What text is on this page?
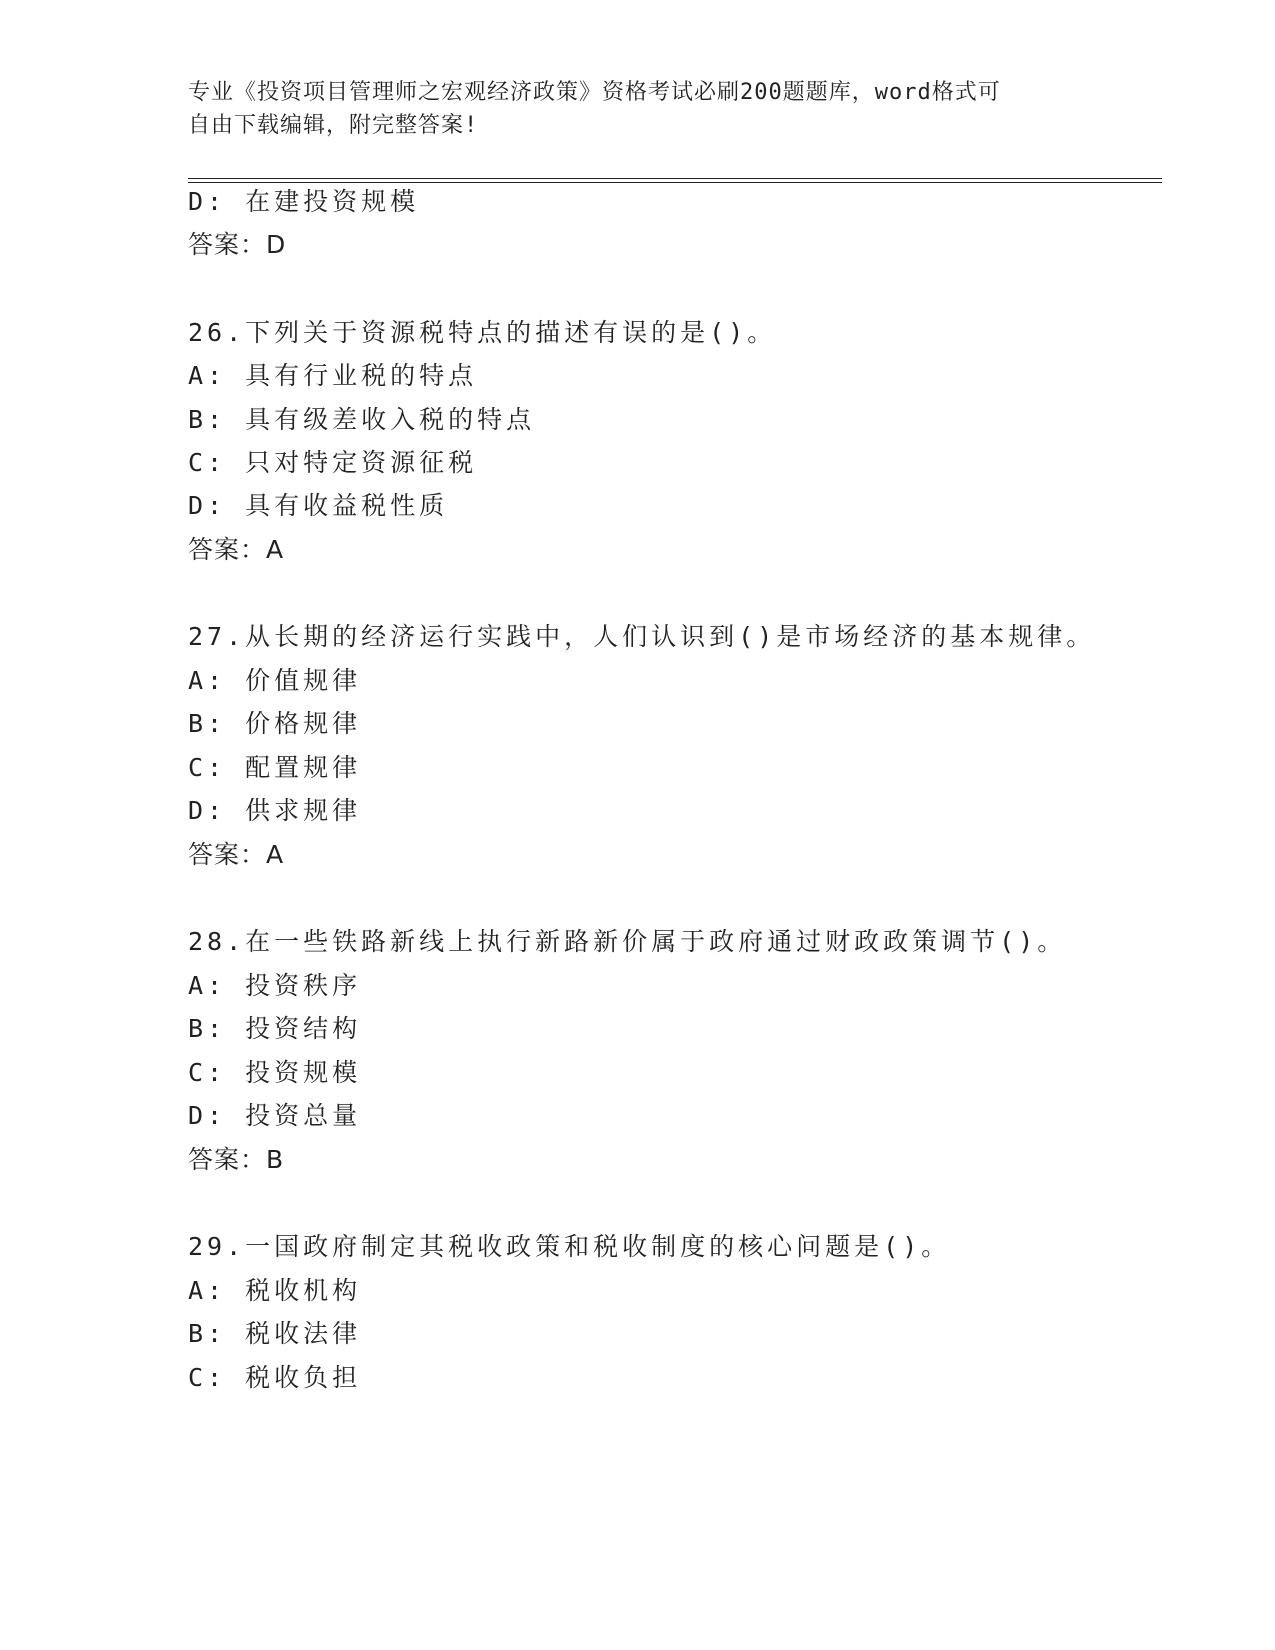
专业《投资项目管理师之宏观经济政策》资格考试必刷200题题库，word格式可
自由下载编辑，附完整答案!
D: 在建投资规模
答案：D
26.下列关于资源税特点的描述有误的是()。
A: 具有行业税的特点
B: 具有级差收入税的特点
C: 只对特定资源征税
D: 具有收益税性质
答案：A
27.从长期的经济运行实践中，人们认识到()是市场经济的基本规律。
A: 价值规律
B: 价格规律
C: 配置规律
D: 供求规律
答案：A
28.在一些铁路新线上执行新路新价属于政府通过财政政策调节()。
A: 投资秩序
B: 投资结构
C: 投资规模
D: 投资总量
答案：B
29.一国政府制定其税收政策和税收制度的核心问题是()。
A: 税收机构
B: 税收法律
C: 税收负担
